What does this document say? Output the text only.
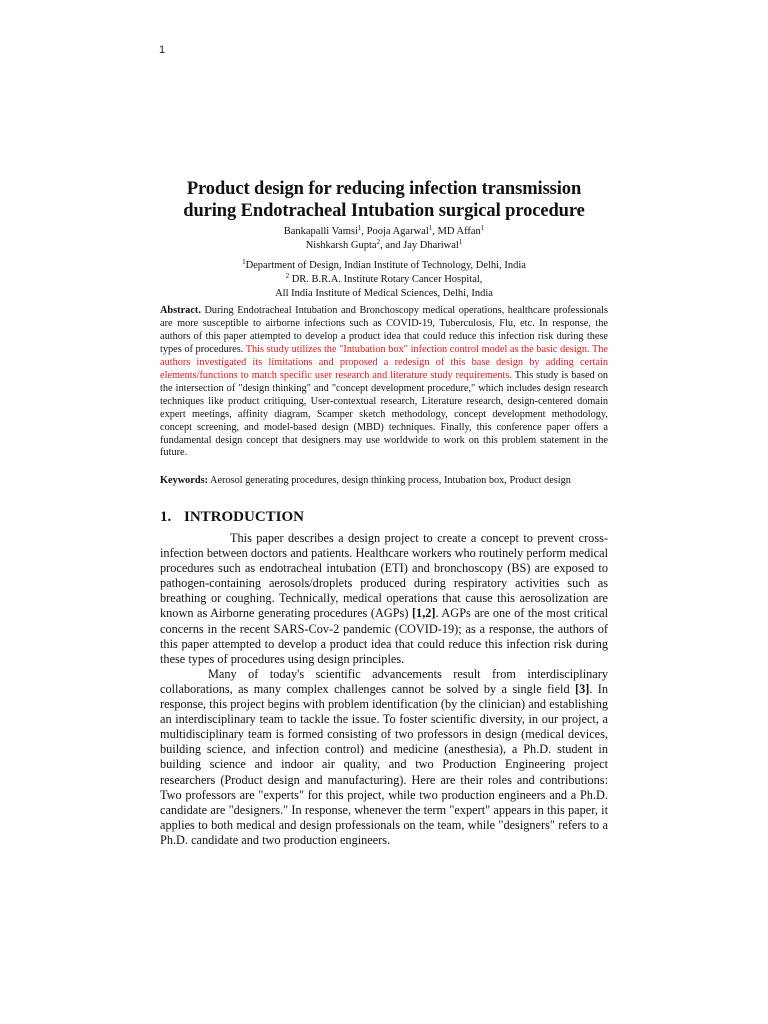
1
Product design for reducing infection transmission
during Endotracheal Intubation surgical procedure
Bankapalli Vamsi$^1$, Pooja Agarwal$^1$, MD Affan$^1$
Nishkarsh Gupta$^2$, and Jay Dhariwal$^1$
$^1$Department of Design, Indian Institute of Technology, Delhi, India
$^2$ DR. B.R.A. Institute Rotary Cancer Hospital,
All India Institute of Medical Sciences, Delhi, India
Abstract. During Endotracheal Intubation and Bronchoscopy medical operations, healthcare professionals are more susceptible to airborne infections such as COVID-19, Tuberculosis, Flu, etc. In response, the authors of this paper attempted to develop a product idea that could reduce this infection risk during these types of procedures. This study utilizes the "Intubation box" infection control model as the basic design. The authors investigated its limitations and proposed a redesign of this base design by adding certain elements/functions to match specific user research and literature study requirements. This study is based on the intersection of "design thinking" and "concept development procedure," which includes design research techniques like product critiquing, User-contextual research, Literature research, design-centered domain expert meetings, affinity diagram, Scamper sketch methodology, concept development methodology, concept screening, and model-based design (MBD) techniques. Finally, this conference paper offers a fundamental design concept that designers may use worldwide to work on this problem statement in the future.
Keywords: Aerosol generating procedures, design thinking process, Intubation box, Product design
1. INTRODUCTION

This paper describes a design project to create a concept to prevent cross-infection between doctors and patients. Healthcare workers who routinely perform medical procedures such as endotracheal intubation (ETI) and bronchoscopy (BS) are exposed to pathogen-containing aerosols/droplets produced during respiratory activities such as breathing or coughing. Technically, medical operations that cause this aerosolization are known as Airborne generating procedures (AGPs) [1,2]. AGPs are one of the most critical concerns in the recent SARS-Cov-2 pandemic (COVID-19); as a response, the authors of this paper attempted to develop a product idea that could reduce this infection risk during these types of procedures using design principles.

Many of today's scientific advancements result from interdisciplinary collaborations, as many complex challenges cannot be solved by a single field [3]. In response, this project begins with problem identification (by the clinician) and establishing an interdisciplinary team to tackle the issue. To foster scientific diversity, in our project, a multidisciplinary team is formed consisting of two professors in design (medical devices, building science, and infection control) and medicine (anesthesia), a Ph.D. student in building science and indoor air quality, and two Production Engineering project researchers (Product design and manufacturing). Here are their roles and contributions: Two professors are "experts" for this project, while two production engineers and a Ph.D. candidate are "designers." In response, whenever the term "expert" appears in this paper, it applies to both medical and design professionals on the team, while "designers" refers to a Ph.D. candidate and two production engineers.
